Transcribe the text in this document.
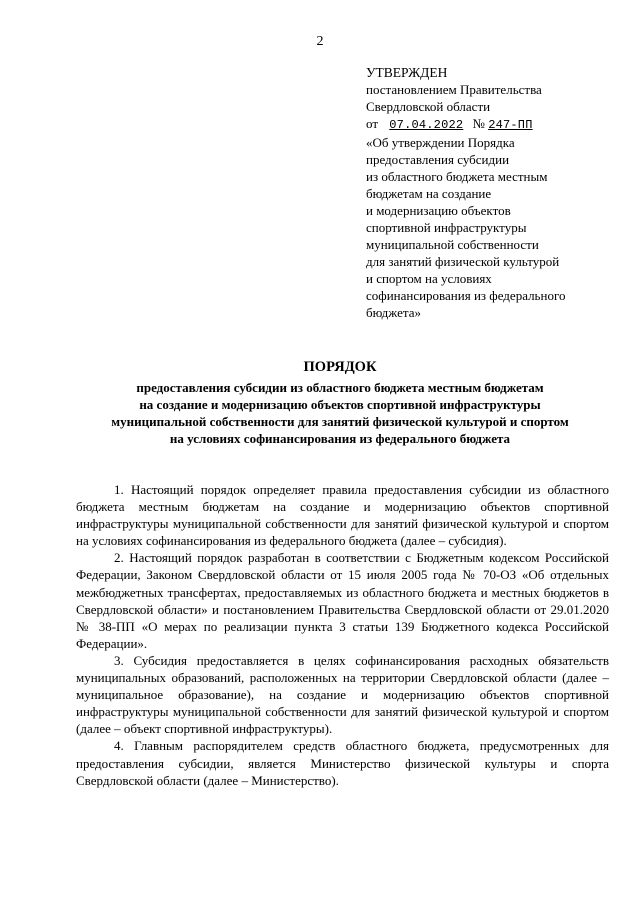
2
УТВЕРЖДЕН
постановлением Правительства
Свердловской области
от 07.04.2022 № 247-ПП
«Об утверждении Порядка
предоставления субсидии
из областного бюджета местным
бюджетам на создание
и модернизацию объектов
спортивной инфраструктуры
муниципальной собственности
для занятий физической культурой
и спортом на условиях
софинансирования из федерального
бюджета»
ПОРЯДОК
предоставления субсидии из областного бюджета местным бюджетам
на создание и модернизацию объектов спортивной инфраструктуры
муниципальной собственности для занятий физической культурой и спортом
на условиях софинансирования из федерального бюджета

1. Настоящий порядок определяет правила предоставления субсидии из областного бюджета местным бюджетам на создание и модернизацию объектов спортивной инфраструктуры муниципальной собственности для занятий физической культурой и спортом на условиях софинансирования из федерального бюджета (далее – субсидия).

2. Настоящий порядок разработан в соответствии с Бюджетным кодексом Российской Федерации, Законом Свердловской области от 15 июля 2005 года № 70-ОЗ «Об отдельных межбюджетных трансфертах, предоставляемых из областного бюджета и местных бюджетов в Свердловской области» и постановлением Правительства Свердловской области от 29.01.2020 № 38-ПП «О мерах по реализации пункта 3 статьи 139 Бюджетного кодекса Российской Федерации».

3. Субсидия предоставляется в целях софинансирования расходных обязательств муниципальных образований, расположенных на территории Свердловской области (далее – муниципальное образование), на создание и модернизацию объектов спортивной инфраструктуры муниципальной собственности для занятий физической культурой и спортом (далее – объект спортивной инфраструктуры).

4. Главным распорядителем средств областного бюджета, предусмотренных для предоставления субсидии, является Министерство физической культуры и спорта Свердловской области (далее – Министерство).
